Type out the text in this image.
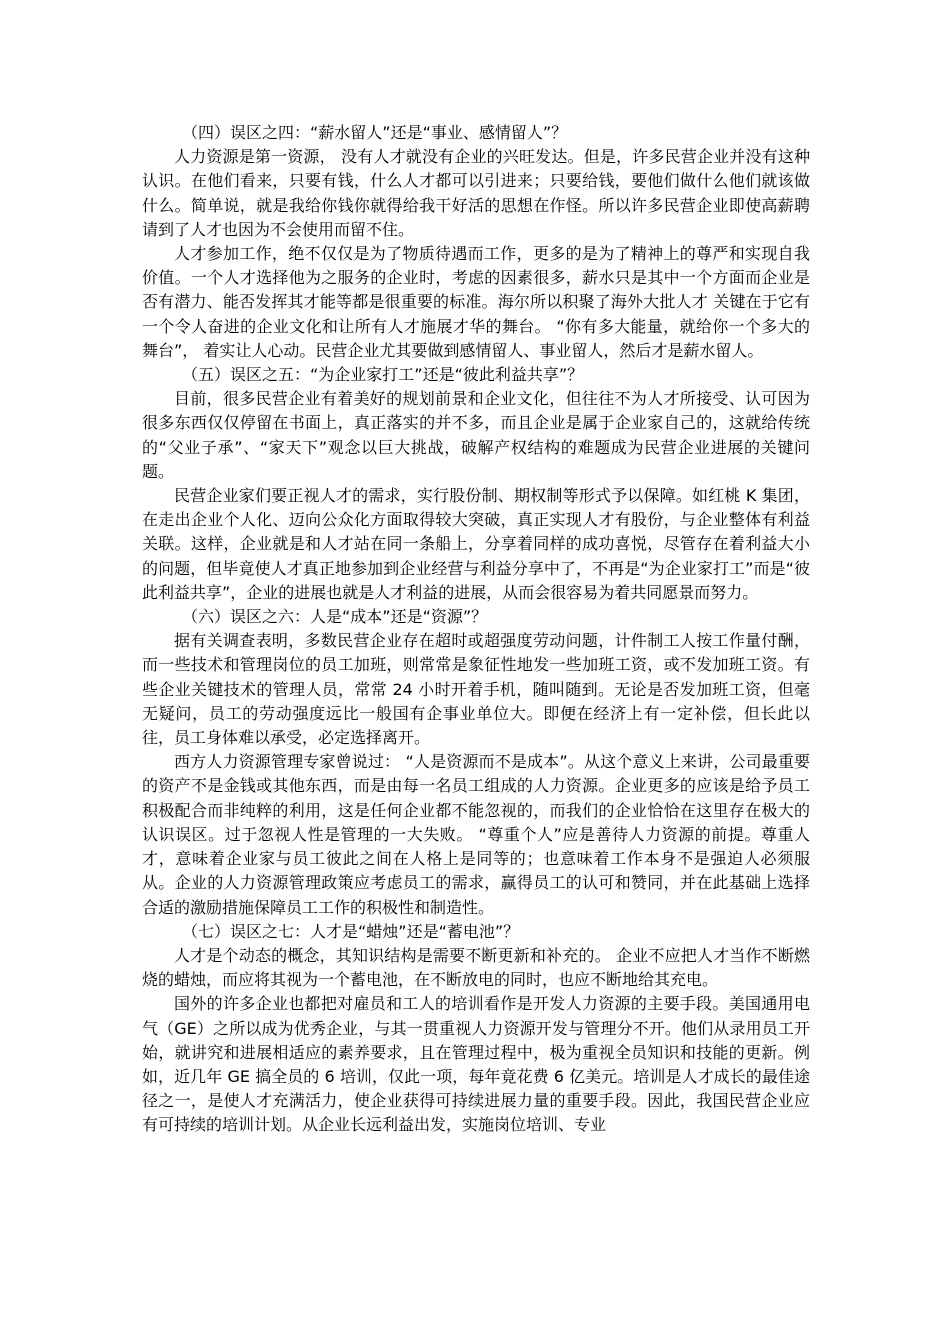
（四）误区之四：“薪水留人”还是“事业、感情留人”？

人力资源是第一资源， 没有人才就没有企业的兴旺发达。但是，许多民营企业并没有这种认识。在他们看来，只要有钱，什么人才都可以引进来；只要给钱，要他们做什么他们就该做什么。简单说，就是我给你钱你就得给我干好活的思想在作怪。所以许多民营企业即使高薪聘请到了人才也因为不会使用而留不住。

人才参加工作，绝不仅仅是为了物质待遇而工作，更多的是为了精神上的尊严和实现自我价值。一个人才选择他为之服务的企业时，考虑的因素很多，薪水只是其中一个方面而企业是否有潜力、能否发挥其才能等都是很重要的标准。海尔所以积聚了海外大批人才 关键在于它有一个令人奋进的企业文化和让所有人才施展才华的舞台。 “你有多大能量，就给你一个多大的舞台”， 着实让人心动。民营企业尤其要做到感情留人、事业留人，然后才是薪水留人。

（五）误区之五：“为企业家打工”还是“彼此利益共享”？

目前，很多民营企业有着美好的规划前景和企业文化，但往往不为人才所接受、认可因为很多东西仅仅停留在书面上，真正落实的并不多，而且企业是属于企业家自己的，这就给传统的“父业子承”、“家天下”观念以巨大挑战，破解产权结构的难题成为民营企业进展的关键问题。

民营企业家们要正视人才的需求，实行股份制、期权制等形式予以保障。如红桃 K 集团，在走出企业个人化、迈向公众化方面取得较大突破，真正实现人才有股份，与企业整体有利益关联。这样，企业就是和人才站在同一条船上，分享着同样的成功喜悦，尽管存在着利益大小的问题，但毕竟使人才真正地参加到企业经营与利益分享中了，不再是“为企业家打工”而是“彼此利益共享”，企业的进展也就是人才利益的进展，从而会很容易为着共同愿景而努力。

（六）误区之六：人是“成本”还是“资源”？

据有关调查表明，多数民营企业存在超时或超强度劳动问题，计件制工人按工作量付酬，而一些技术和管理岗位的员工加班，则常常是象征性地发一些加班工资，或不发加班工资。有些企业关键技术的管理人员，常常 24 小时开着手机，随叫随到。无论是否发加班工资，但毫无疑问，员工的劳动强度远比一般国有企事业单位大。即便在经济上有一定补偿，但长此以往，员工身体难以承受，必定选择离开。

西方人力资源管理专家曾说过： “人是资源而不是成本”。从这个意义上来讲，公司最重要的资产不是金钱或其他东西，而是由每一名员工组成的人力资源。企业更多的应该是给予员工积极配合而非纯粹的利用，这是任何企业都不能忽视的，而我们的企业恰恰在这里存在极大的认识误区。过于忽视人性是管理的一大失败。 “尊重个人”应是善待人力资源的前提。尊重人才，意味着企业家与员工彼此之间在人格上是同等的；也意味着工作本身不是强迫人必须服从。企业的人力资源管理政策应考虑员工的需求，赢得员工的认可和赞同，并在此基础上选择合适的激励措施保障员工工作的积极性和制造性。

（七）误区之七：人才是“蜡烛”还是“蓄电池”？

人才是个动态的概念，其知识结构是需要不断更新和补充的。 企业不应把人才当作不断燃烧的蜡烛，而应将其视为一个蓄电池，在不断放电的同时，也应不断地给其充电。

国外的许多企业也都把对雇员和工人的培训看作是开发人力资源的主要手段。美国通用电气（GE）之所以成为优秀企业，与其一贯重视人力资源开发与管理分不开。他们从录用员工开始，就讲究和进展相适应的素养要求，且在管理过程中，极为重视全员知识和技能的更新。例如，近几年 GE 搞全员的 6 培训，仅此一项，每年竟花费 6 亿美元。培训是人才成长的最佳途径之一，是使人才充满活力，使企业获得可持续进展力量的重要手段。因此，我国民营企业应有可持续的培训计划。从企业长远利益出发，实施岗位培训、专业
